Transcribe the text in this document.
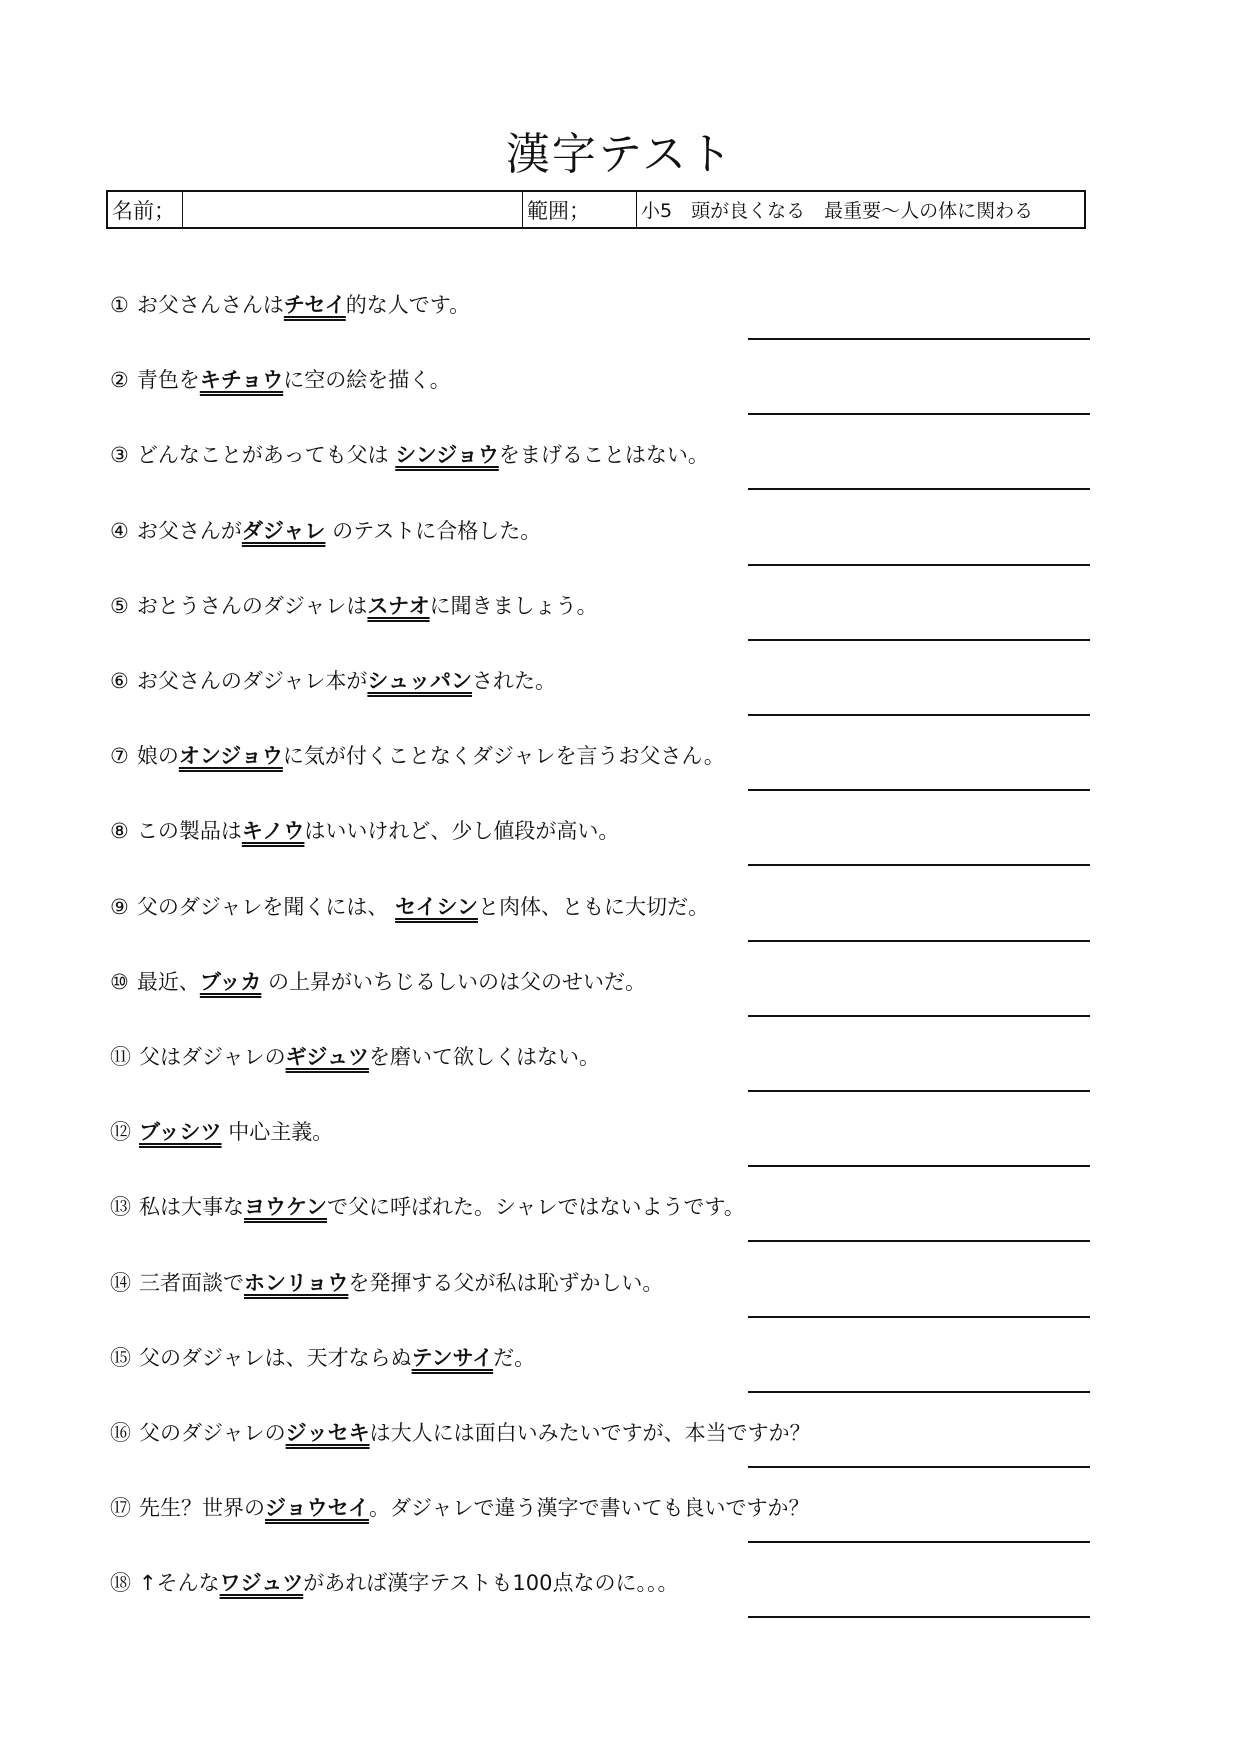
漢字テスト
名前；	範囲；	小5　頭が良くなる　最重要〜人の体に関わる
① お父さんさんはチセイ的な人です。
② 青色をキチョウに空の絵を描く。
③ どんなことがあっても父は シンジョウをまげることはない。
④ お父さんがダジャレ のテストに合格した。
⑤ おとうさんのダジャレはスナオに聞きましょう。
⑥ お父さんのダジャレ本がシュッパンされた。
⑦ 娘のオンジョウに気が付くことなくダジャレを言うお父さん。
⑧ この製品はキノウはいいけれど、少し値段が高い。
⑨ 父のダジャレを聞くには、 セイシンと肉体、ともに大切だ。
⑩ 最近、ブッカ の上昇がいちじるしいのは父のせいだ。
⑪ 父はダジャレのギジュツを磨いて欲しくはない。
⑫ ブッシツ 中心主義。
⑬ 私は大事なヨウケンで父に呼ばれた。シャレではないようです。
⑭ 三者面談でホンリョウを発揮する父が私は恥ずかしい。
⑮ 父のダジャレは、天才ならぬテンサイだ。
⑯ 父のダジャレのジッセキは大人には面白いみたいですが、本当ですか？
⑰ 先生？世界のジョウセイ。ダジャレで違う漢字で書いても良いですか？
⑱ ↑そんなワジュツがあれば漢字テストも100点なのに。。。
